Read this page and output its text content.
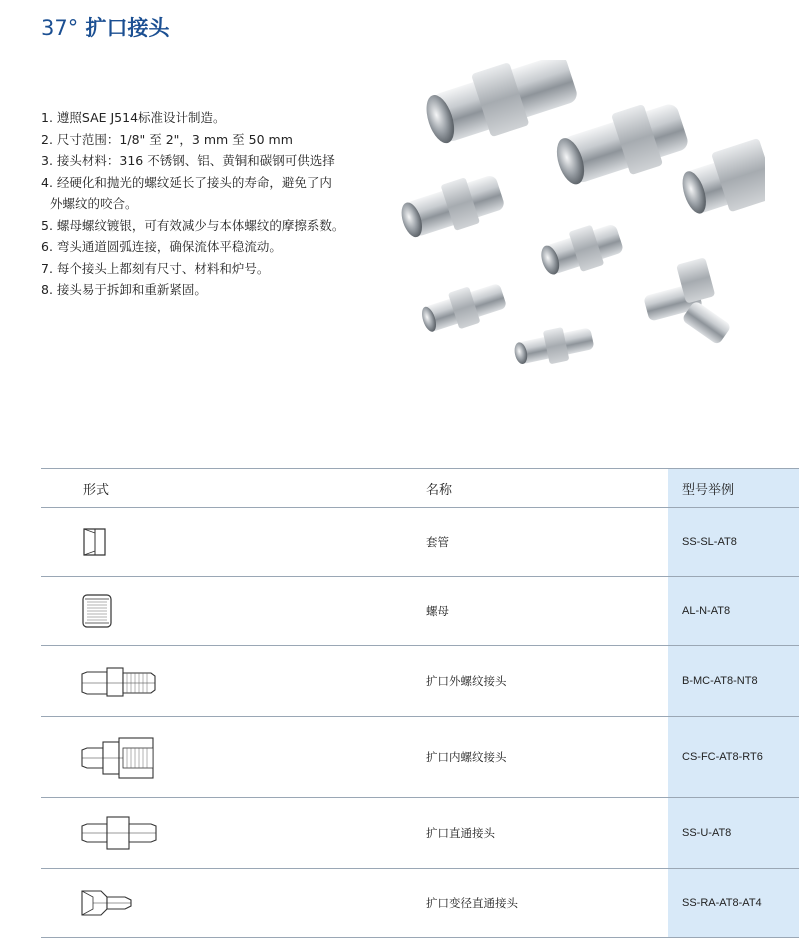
37° 扩口接头
1. 遵照SAE J514标准设计制造。
2. 尺寸范围：1/8" 至 2"，3 mm 至 50 mm
3. 接头材料：316 不锈钢、铝、黄铜和碳钢可供选择
4. 经硬化和抛光的螺纹延长了接头的寿命，避免了内
外螺纹的咬合。
5. 螺母螺纹镀银，可有效减少与本体螺纹的摩擦系数。
6. 弯头通道圆弧连接，确保流体平稳流动。
7. 每个接头上都刻有尺寸、材料和炉号。
8. 接头易于拆卸和重新紧固。
形式	名称	型号举例

	套管	SS-SL-AT8

	螺母	AL-N-AT8

	扩口外螺纹接头	B-MC-AT8-NT8

	扩口内螺纹接头	CS-FC-AT8-RT6

	扩口直通接头	SS-U-AT8

	扩口变径直通接头	SS-RA-AT8-AT4
